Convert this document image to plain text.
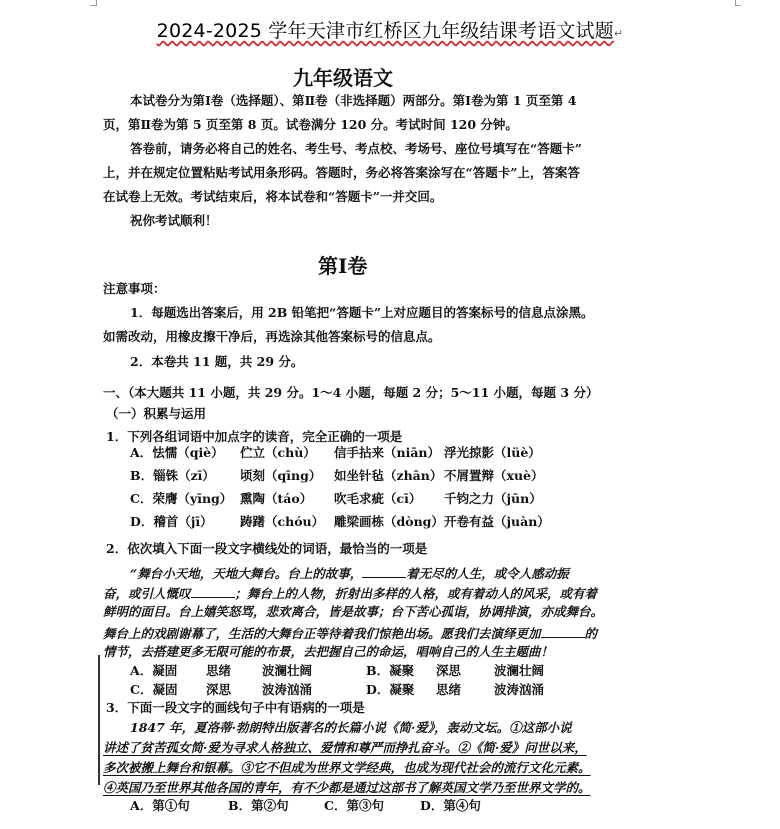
2024-2025 学年天津市红桥区九年级结课考语文试题↵
九年级语文
本试卷分为第Ⅰ卷（选择题）、第Ⅱ卷（非选择题）两部分。第Ⅰ卷为第 1 页至第 4
页，第Ⅱ卷为第 5 页至第 8 页。试卷满分 120 分。考试时间 120 分钟。
答卷前，请务必将自己的姓名、考生号、考点校、考场号、座位号填写在“答题卡”
上，并在规定位置粘贴考试用条形码。答题时，务必将答案涂写在“答题卡”上，答案答
在试卷上无效。考试结束后，将本试卷和“答题卡”一并交回。
祝你考试顺利！
第Ⅰ卷
注意事项：
1．每题选出答案后，用 2B 铅笔把“答题卡”上对应题目的答案标号的信息点涂黑。
如需改动，用橡皮擦干净后，再选涂其他答案标号的信息点。
2．本卷共 11 题，共 29 分。
一、（本大题共 11 小题，共 29 分。1～4 小题，每题 2 分；5～11 小题，每题 3 分）
（一）积累与运用
1．下列各组词语中加点字的读音，完全正确的一项是
A．怯懦（qiè） 伫立（chù） 信手拈来（niān） 浮光掠影（lüè）
B．锱铢（zī） 顷刻（qīng） 如坐针毡（zhān） 不屑置辩（xuè）
C．荣膺（yīng） 熏陶（táo） 吹毛求疵（cī） 千钧之力（jūn）
D．稽首（jī） 踌躇（chóu） 雕梁画栋（dòng） 开卷有益（juàn）
2．依次填入下面一段文字横线处的词语，最恰当的一项是
“舞台小天地，天地大舞台。台上的故事，	着无尽的人生，或令人感动振
奋，或引人慨叹	；舞台上的人物，折射出多样的人格，或有着动人的风采，或有着
鲜明的面目。台上嬉笑怒骂，悲欢离合，皆是故事；台下苦心孤诣，协调排演，亦成舞台。
舞台上的戏剧谢幕了，生活的大舞台正等待着我们惊艳出场。愿我们去演绎更加	的
情节，去搭建更多无限可能的布景，去把握自己的命运，唱响自己的人生主题曲！
A．凝固 思绪 波澜壮阔	B．凝聚 深思	波澜壮阔
C．凝固 深思 波涛汹涌	D．凝聚 思绪	波涛汹涌
3．下面一段文字的画线句子中有语病的一项是
1847 年，夏洛蒂·勃朗特出版著名的长篇小说《简·爱》，轰动文坛。①这部小说
讲述了贫苦孤女简·爱为寻求人格独立、爱情和尊严而挣扎奋斗。②《简·爱》问世以来，
多次被搬上舞台和银幕。③它不但成为世界文学经典，也成为现代社会的流行文化元素。
④英国乃至世界其他各国的青年，有不少都是通过这部书了解英国文学乃至世界文学的。
A．第①句	B．第②句	C．第③句	D．第④句
